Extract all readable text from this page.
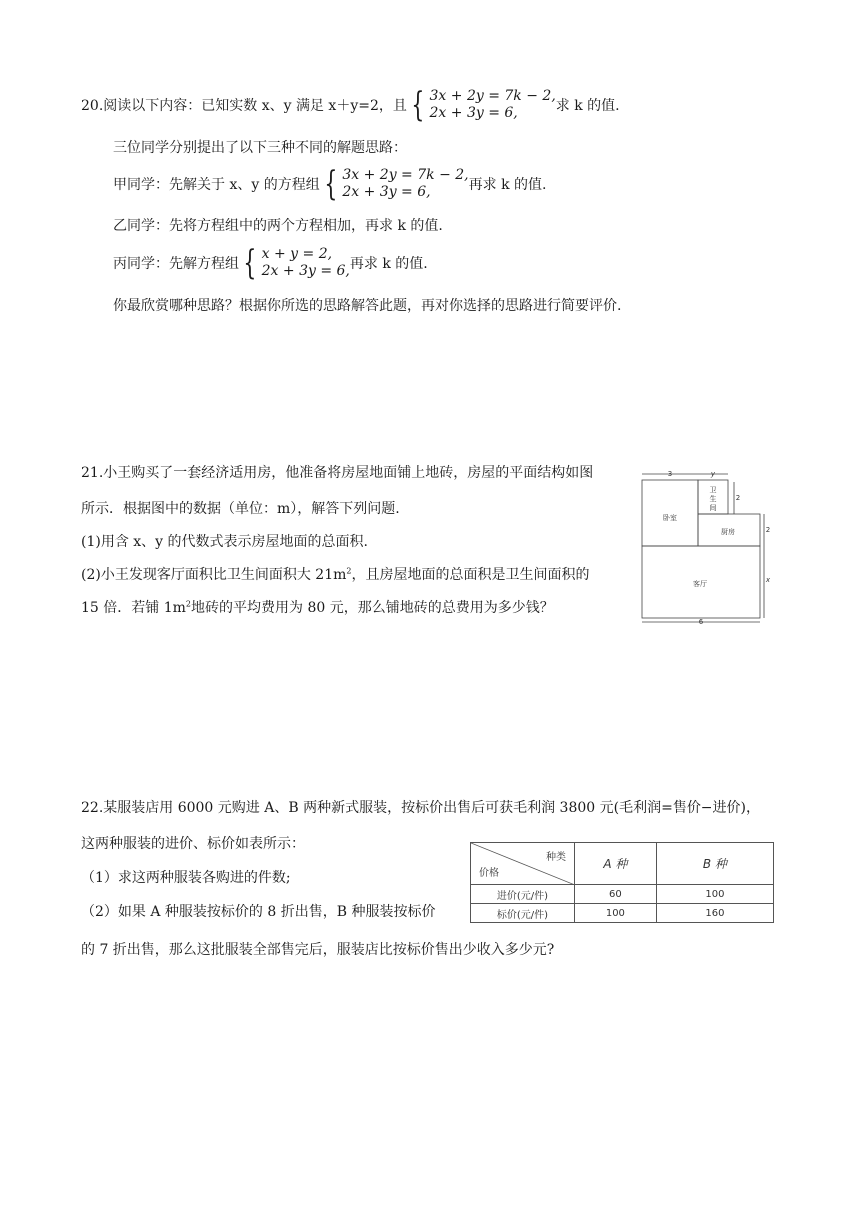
20.阅读以下内容：已知实数 x、y 满足 x＋y=2，且 { 3x + 2y = 7k − 2,
2x + 3y = 6,	求 k 的值.
三位同学分别提出了以下三种不同的解题思路：
甲同学：先解关于 x、y 的方程组 { 3x + 2y = 7k − 2,
2x + 3y = 6,	再求 k 的值.
乙同学：先将方程组中的两个方程相加，再求 k 的值.
丙同学：先解方程组 { x + y = 2,
2x + 3y = 6, 再求 k 的值.
你最欣赏哪种思路？根据你所选的思路解答此题，再对你选择的思路进行简要评价.
21.小王购买了一套经济适用房，他准备将房屋地面铺上地砖，房屋的平面结构如图
所示．根据图中的数据（单位：m），解答下列问题.
(1)用含 x、y 的代数式表示房屋地面的总面积.
(2)小王发现客厅面积比卫生间面积大 $21m^2$，且房屋地面的总面积是卫生间面积的
15 倍．若铺 $1m^2$地砖的平均费用为 80 元，那么铺地砖的总费用为多少钱？
卧室
卫
生
间
厨房
客厅
3	y
2
2
x
6
22.某服装店用 6000 元购进 A、B 两种新式服装，按标价出售后可获毛利润 3800 元(毛利润=售价−进价)，
这两种服装的进价、标价如表所示：
（1）求这两种服装各购进的件数;
（2）如果 A 种服装按标价的 8 折出售，B 种服装按标价
的 7 折出售，那么这批服装全部售完后，服装店比按标价售出少收入多少元?
种类
价格	A 种	B 种
进价(元/件)	60	100
标价(元/件)	100	160
